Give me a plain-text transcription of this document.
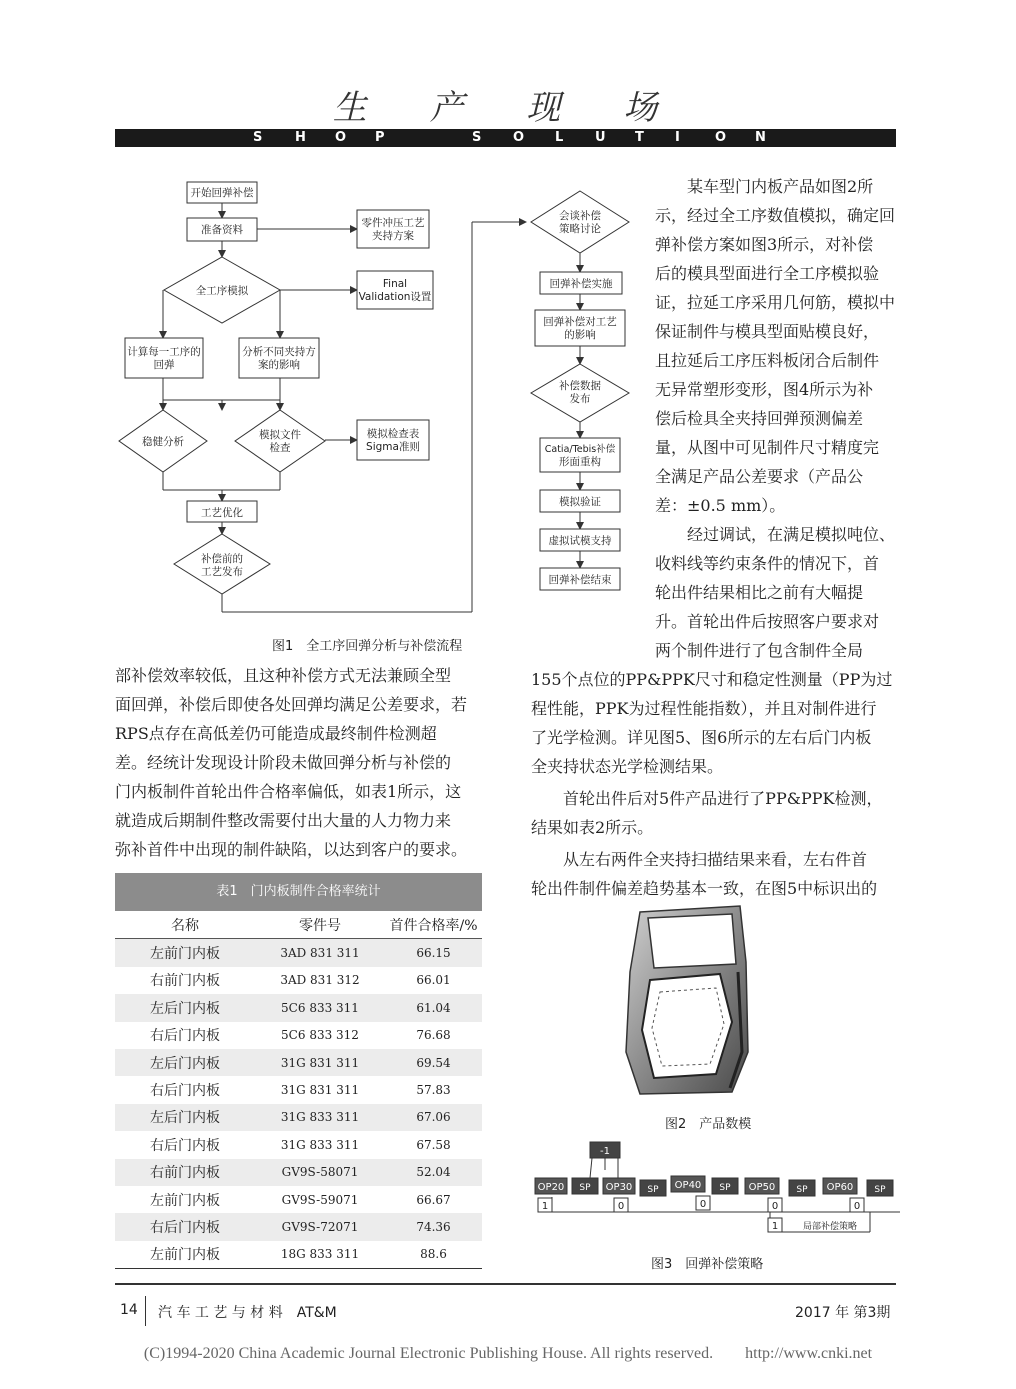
生 产 现 场
S	H O P	S O L U T I	O N
开始回弹补偿
准备资料
零件冲压工艺
夹持方案
全工序模拟
Final
Validation设置
计算每一工序的
回弹
分析不同夹持方
案的影响
稳健分析
模拟文件
检查
模拟检查表
Sigma准则
工艺优化
补偿前的
工艺发布
会谈补偿
策略讨论
回弹补偿实施
回弹补偿对工艺
的影响
补偿数据
发布
Catia/Tebis补偿
形面重构
模拟验证
虚拟试模支持
回弹补偿结束
图1　全工序回弹分析与补偿流程
某车型门内板产品如图2所
示，经过全工序数值模拟，确定回
弹补偿方案如图3所示，对补偿
后的模具型面进行全工序模拟验
证，拉延工序采用几何筋，模拟中
保证制件与模具型面贴模良好，
且拉延后工序压料板闭合后制件
无异常塑形变形，图4所示为补
偿后检具全夹持回弹预测偏差
量，从图中可见制件尺寸精度完
全满足产品公差要求（产品公
差：±0.5 mm）。
经过调试，在满足模拟吨位、
收料线等约束条件的情况下，首
轮出件结果相比之前有大幅提
升。首轮出件后按照客户要求对
两个制件进行了包含制件全局
155个点位的PP&PPK尺寸和稳定性测量（PP为过
程性能，PPK为过程性能指数），并且对制件进行
了光学检测。详见图5、图6所示的左右后门内板
全夹持状态光学检测结果。
首轮出件后对5件产品进行了PP&PPK检测，
结果如表2所示。
从左右两件全夹持扫描结果来看，左右件首
轮出件制件偏差趋势基本一致，在图5中标识出的
部补偿效率较低，且这种补偿方式无法兼顾全型
面回弹，补偿后即使各处回弹均满足公差要求，若
RPS点存在高低差仍可能造成最终制件检测超
差。经统计发现设计阶段未做回弹分析与补偿的
门内板制件首轮出件合格率偏低，如表1所示，这
就造成后期制件整改需要付出大量的人力物力来
弥补首件中出现的制件缺陷，以达到客户的要求。
表1　门内板制件合格率统计
名称	零件号	首件合格率/%
左前门内板	3AD 831 311	66.15
右前门内板	3AD 831 312	66.01
左后门内板	5C6 833 311	61.04
右后门内板	5C6 833 312	76.68
左后门内板	31G 831 311	69.54
右后门内板	31G 831 311	57.83
左后门内板	31G 833 311	67.06
右后门内板	31G 833 311	67.58
右前门内板	GV9S-58071	52.04
左前门内板	GV9S-59071	66.67
右后门内板	GV9S-72071	74.36
左前门内板	18G 833 311	88.6
图2　产品数模
-1
OP20 SP OP30 SP OP40 SP OP50 SP OP60 SP
1	0	0	0	0
1	局部补偿策略
图3　回弹补偿策略
14 汽 车 工 艺 与 材 料　AT&M	2017 年 第3期
(C)1994-2020 China Academic Journal Electronic Publishing House. All rights reserved.　　http://www.cnki.net
